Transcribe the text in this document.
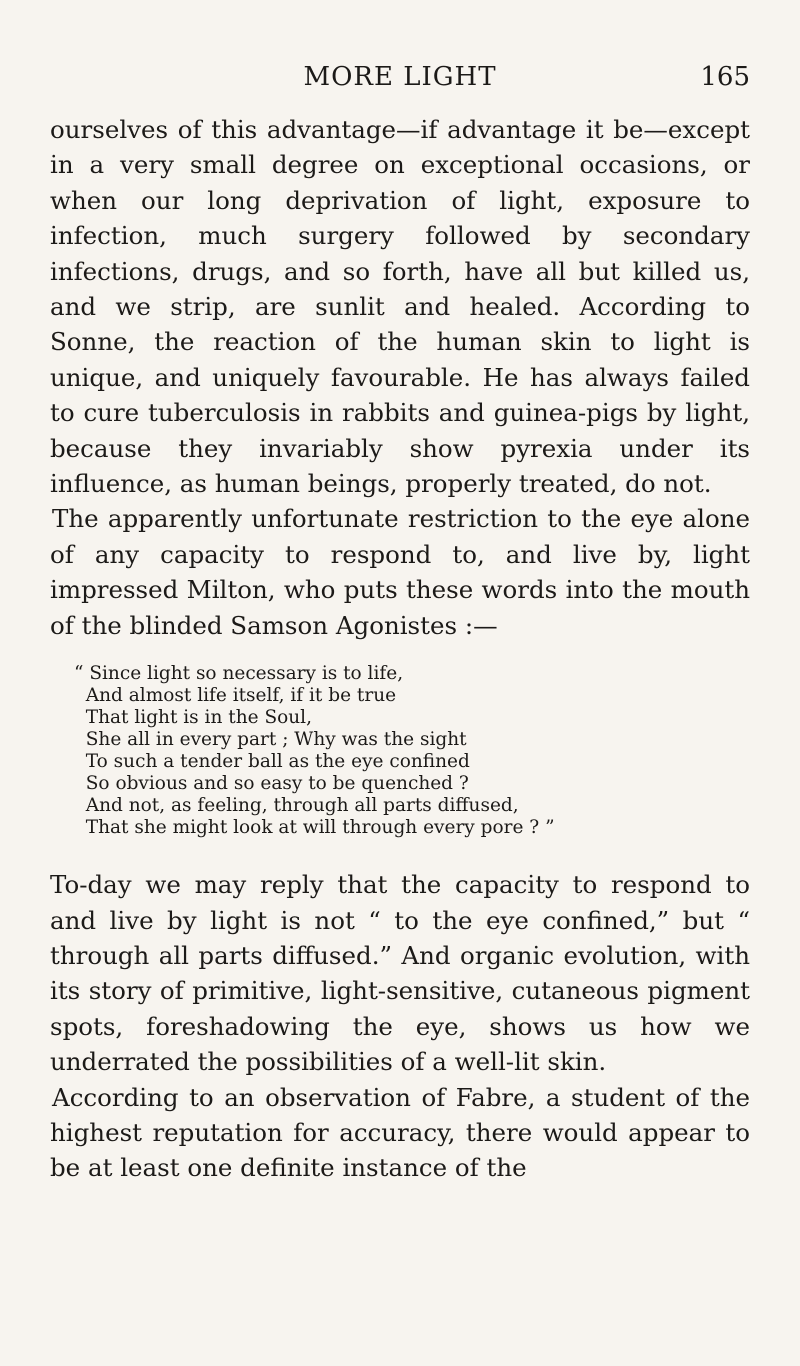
MORE LIGHT	165

ourselves of this advantage—if advantage it be—except in a very small degree on exceptional occasions, or when our long deprivation of light, exposure to infection, much surgery followed by secondary infections, drugs, and so forth, have all but killed us, and we strip, are sunlit and healed. According to Sonne, the reaction of the human skin to light is unique, and uniquely favourable. He has always failed to cure tuberculosis in rabbits and guinea-pigs by light, because they invariably show pyrexia under its influence, as human beings, properly treated, do not.

The apparently unfortunate restriction to the eye alone of any capacity to respond to, and live by, light impressed Milton, who puts these words into the mouth of the blinded Samson Agonistes :—

“ Since light so necessary is to life,
And almost life itself, if it be true
That light is in the Soul,
She all in every part ; Why was the sight
To such a tender ball as the eye confined
So obvious and so easy to be quenched ?
And not, as feeling, through all parts diffused,
That she might look at will through every pore ? ”

To-day we may reply that the capacity to respond to and live by light is not “ to the eye confined,” but “ through all parts diffused.” And organic evolution, with its story of primitive, light-sensitive, cutaneous pigment spots, foreshadowing the eye, shows us how we underrated the possibilities of a well-lit skin.

According to an observation of Fabre, a student of the highest reputation for accuracy, there would appear to be at least one definite instance of the
